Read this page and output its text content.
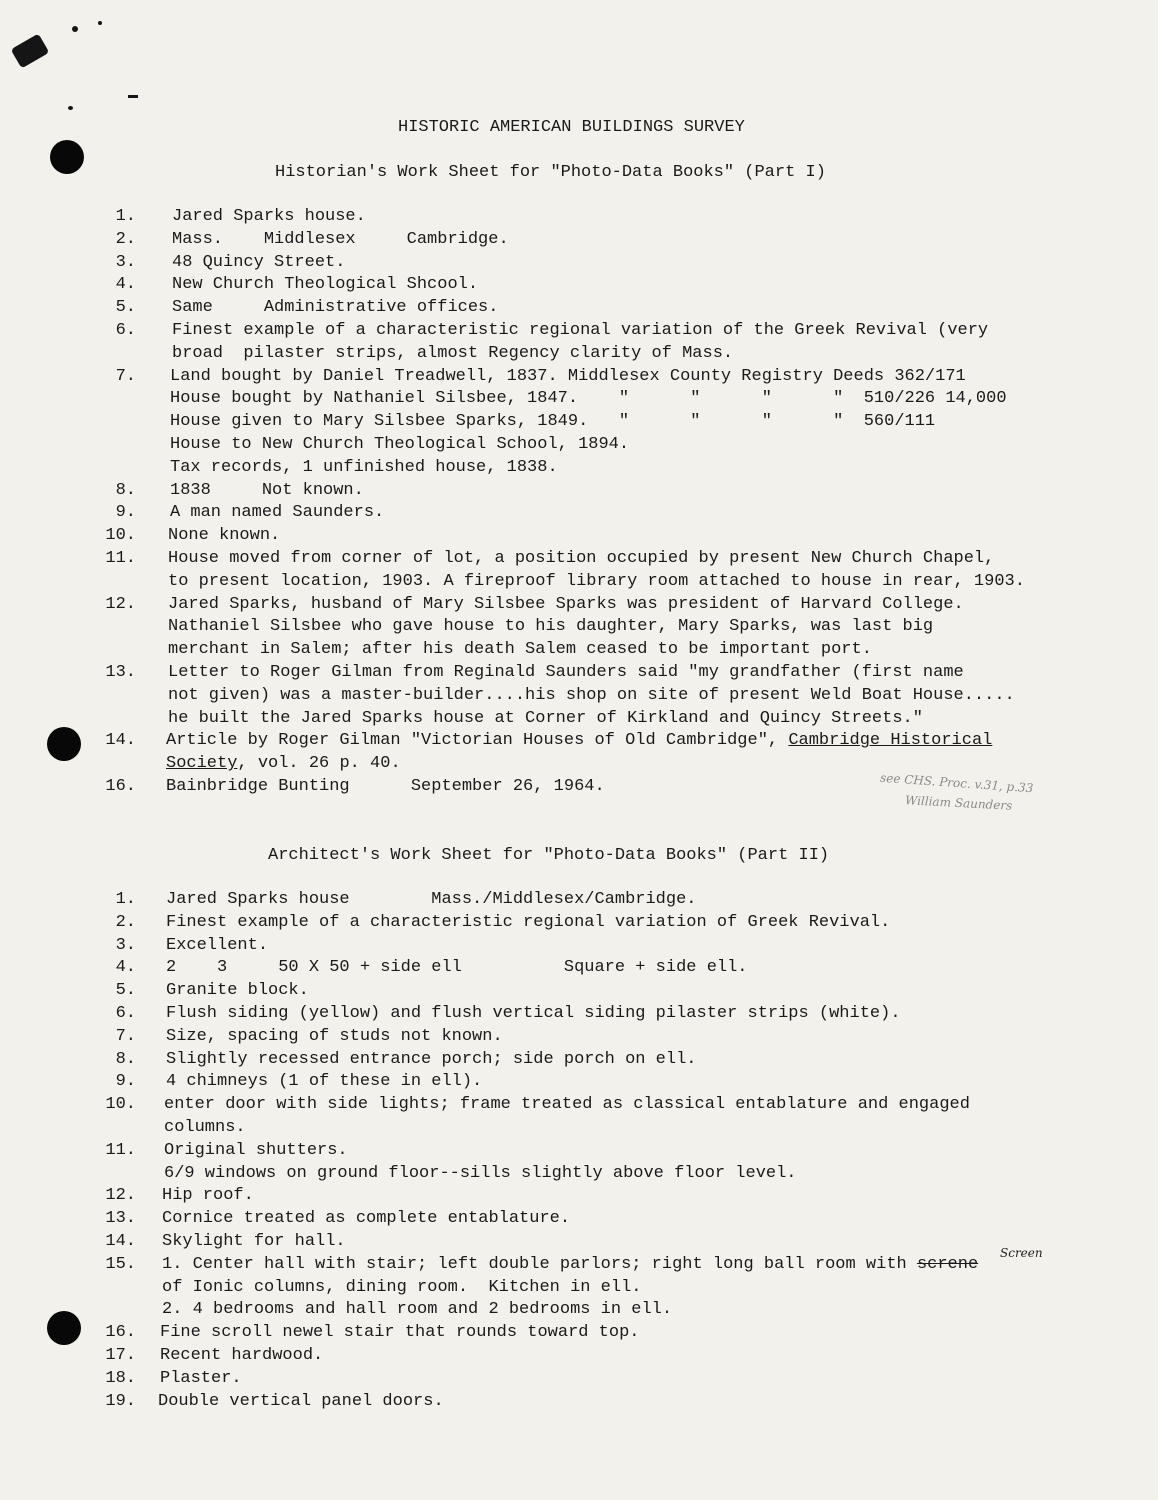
HISTORIC AMERICAN BUILDINGS SURVEY
Historian's Work Sheet for "Photo-Data Books" (Part I)
1. Jared Sparks house.
2. Mass.    Middlesex     Cambridge.
3. 48 Quincy Street.
4. New Church Theological Shcool.
5. Same     Administrative offices.
6. Finest example of a characteristic regional variation of the Greek Revival (very
broad  pilaster strips, almost Regency clarity of Mass.
7. Land bought by Daniel Treadwell, 1837. Middlesex County Registry Deeds 362/171
House bought by Nathaniel Silsbee, 1847.    "      "      "      "  510/226 14,000
House given to Mary Silsbee Sparks, 1849.   "      "      "      "  560/111
House to New Church Theological School, 1894.
Tax records, 1 unfinished house, 1838.
8. 1838     Not known.
9. A man named Saunders.
10. None known.
11. House moved from corner of lot, a position occupied by present New Church Chapel,
to present location, 1903. A fireproof library room attached to house in rear, 1903.
12. Jared Sparks, husband of Mary Silsbee Sparks was president of Harvard College.
Nathaniel Silsbee who gave house to his daughter, Mary Sparks, was last big
merchant in Salem; after his death Salem ceased to be important port.
13. Letter to Roger Gilman from Reginald Saunders said "my grandfather (first name
not given) was a master-builder....his shop on site of present Weld Boat House.....
he built the Jared Sparks house at Corner of Kirkland and Quincy Streets."
14. Article by Roger Gilman "Victorian Houses of Old Cambridge", Cambridge Historical
Society, vol. 26 p. 40.
16. Bainbridge Bunting      September 26, 1964.	see CHS. Proc. v.31, p.33
William Saunders
Architect's Work Sheet for "Photo-Data Books" (Part II)
1. Jared Sparks house        Mass./Middlesex/Cambridge.
2. Finest example of a characteristic regional variation of Greek Revival.
3. Excellent.
4. 2    3     50 X 50 + side ell          Square + side ell.
5. Granite block.
6. Flush siding (yellow) and flush vertical siding pilaster strips (white).
7. Size, spacing of studs not known.
8. Slightly recessed entrance porch; side porch on ell.
9. 4 chimneys (1 of these in ell).
10. enter door with side lights; frame treated as classical entablature and engaged
columns.
11. Original shutters.
6/9 windows on ground floor--sills slightly above floor level.
12. Hip roof.
13. Cornice treated as complete entablature.
14. Skylight for hall.
15. 1. Center hall with stair; left double parlors; right long ball room with screne
of Ionic columns, dining room.  Kitchen in ell.
2. 4 bedrooms and hall room and 2 bedrooms in ell.
16. Fine scroll newel stair that rounds toward top.
17. Recent hardwood.
18. Plaster.
19. Double vertical panel doors.
Screen
